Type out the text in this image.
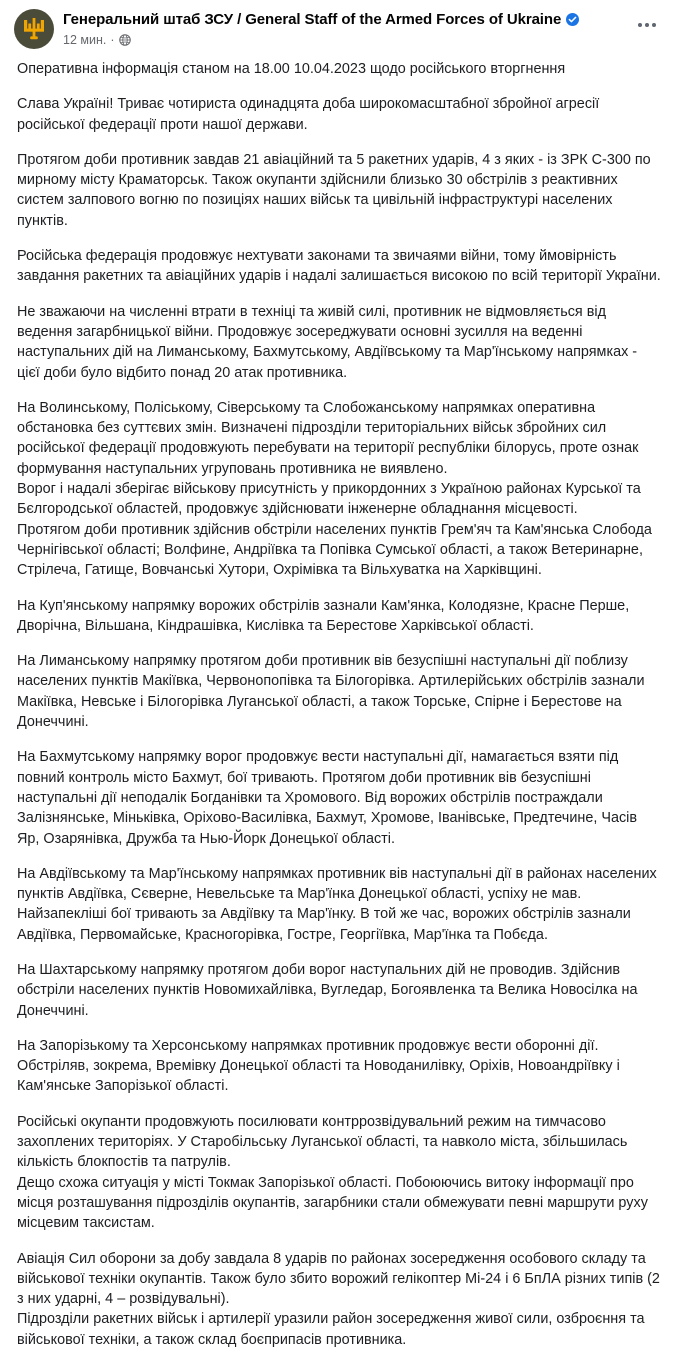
Генеральний штаб ЗСУ / General Staff of the Armed Forces of Ukraine
12 мин. ·

Оперативна інформація станом на 18.00 10.04.2023 щодо російського вторгнення

Слава Україні! Триває чотириста одинадцята доба широкомасштабної збройної агресії російської федерації проти нашої держави.

Протягом доби противник завдав 21 авіаційний та 5 ракетних ударів, 4 з яких - із ЗРК С-300 по мирному місту Краматорськ. Також окупанти здійснили близько 30 обстрілів з реактивних систем залпового вогню по позиціях наших військ та цивільній інфраструктурі населених пунктів.

Російська федерація продовжує нехтувати законами та звичаями війни, тому ймовірність завдання ракетних та авіаційних ударів і надалі залишається високою по всій території України.

Не зважаючи на численні втрати в техніці та живій силі, противник не відмовляється від ведення загарбницької війни. Продовжує зосереджувати основні зусилля на веденні наступальних дій на Лиманському, Бахмутському, Авдіївському та Мар'їнському напрямках - цієї доби було відбито понад 20 атак противника.

На Волинському, Поліському, Сіверському та Слобожанському напрямках оперативна обстановка без суттєвих змін. Визначені підрозділи територіальних військ збройних сил російської федерації продовжують перебувати на території республіки білорусь, проте ознак формування наступальних угруповань противника не виявлено.

Ворог і надалі зберігає військову присутність у прикордонних з Україною районах Курської та Бєлгородської областей, продовжує здійснювати інженерне обладнання місцевості.

Протягом доби противник здійснив обстріли населених пунктів Грем'яч та Кам'янська Слобода Чернігівської області; Волфине, Андріївка та Попівка Сумської області, а також Ветеринарне, Стрілеча, Гатище, Вовчанські Хутори, Охрімівка та Вільхуватка на Харківщині.

На Куп'янському напрямку ворожих обстрілів зазнали Кам'янка, Колодязне, Красне Перше, Дворічна, Вільшана, Кіндрашівка, Кислівка та Берестове Харківської області.

На Лиманському напрямку протягом доби противник вів безуспішні наступальні дії поблизу населених пунктів Макіївка, Червонопопівка та Білогорівка. Артилерійських обстрілів зазнали Макіївка, Невське і Білогорівка Луганської області, а також Торське, Спірне і Берестове на Донеччині.

На Бахмутському напрямку ворог продовжує вести наступальні дії, намагається взяти під повний контроль місто Бахмут, бої тривають. Протягом доби противник вів безуспішні наступальні дії неподалік Богданівки та Хромового. Від ворожих обстрілів постраждали Залізнянське, Міньківка, Оріхово-Василівка, Бахмут, Хромове, Іванівське, Предтечине, Часів Яр, Озарянівка, Дружба та Нью-Йорк Донецької області.

На Авдіївському та Мар'їнському напрямках противник вів наступальні дії в районах населених пунктів Авдіївка, Сєверне, Невельське та Мар'їнка Донецької області, успіху не мав. Найзапекліші бої тривають за Авдіївку та Мар'їнку. В той же час, ворожих обстрілів зазнали Авдіївка, Первомайське, Красногорівка, Гостре, Георгіївка, Мар'їнка та Побєда.

На Шахтарському напрямку протягом доби ворог наступальних дій не проводив. Здійснив обстріли населених пунктів Новомихайлівка, Вугледар, Богоявленка та Велика Новосілка на Донеччині.

На Запорізькому та Херсонському напрямках противник продовжує вести оборонні дії. Обстріляв, зокрема, Времівку Донецької області та Новоданилівку, Оріхів, Новоандріївку і Кам'янське Запорізької області.

Російські окупанти продовжують посилювати контррозвідувальний режим на тимчасово захоплених територіях. У Старобільську Луганської області, та навколо міста, збільшилась кількість блокпостів та патрулів.

Дещо схожа ситуація у місті Токмак Запорізької області. Побоюючись витоку інформації про місця розташування підрозділів окупантів, загарбники стали обмежувати певні маршрути руху місцевим таксистам.

Авіація Сил оборони за добу завдала 8 ударів по районах зосередження особового складу та військової техніки окупантів. Також було збито ворожий гелікоптер Мі-24 і 6 БпЛА різних типів (2 з них ударні, 4 – розвідувальні).

Підрозділи ракетних військ і артилерії уразили район зосередження живої сили, озброєння та військової техніки, а також склад боєприпасів противника.
